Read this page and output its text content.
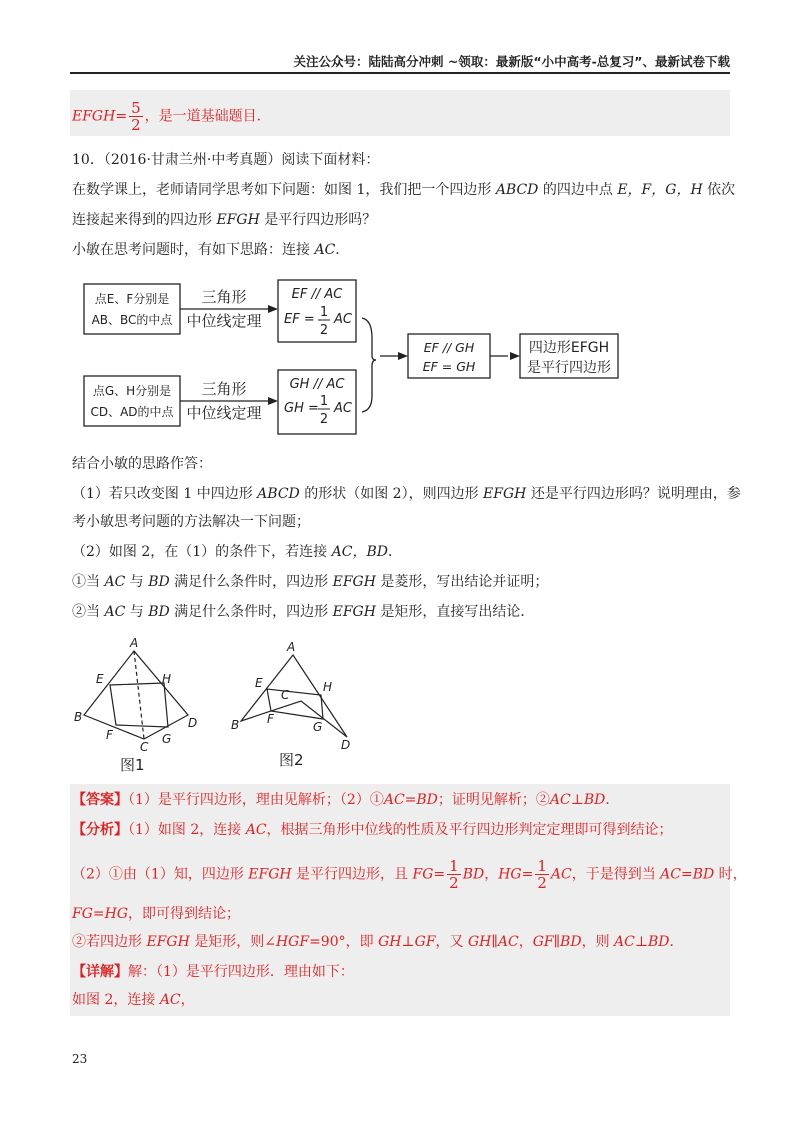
关注公众号：陆陆高分冲刺 ~领取：最新版“小中高考-总复习”、最新试卷下载
EFGH= $\frac{5}{2}$ ，是一道基础题目．
10．（2016·甘肃兰州·中考真题）阅读下面材料：
在数学课上，老师请同学思考如下问题：如图 1，我们把一个四边形 ABCD 的四边中点 E，F，G，H 依次
连接起来得到的四边形 EFGH 是平行四边形吗？
小敏在思考问题时，有如下思路：连接 AC．
点E、F分别是
AB、BC的中点
点G、H分别是
CD、AD的中点
三角形
中位线定理
三角形
中位线定理
EF // AC
EF = 1
2
AC
GH // AC
GH = 1
2
AC
EF // GH
EF = GH
四边形EFGH
是平行四边形
结合小敏的思路作答：
（1）若只改变图 1 中四边形 ABCD 的形状（如图 2），则四边形 EFGH 还是平行四边形吗？说明理由，参
考小敏思考问题的方法解决一下问题；
（2）如图 2，在（1）的条件下，若连接 AC，BD．
①当 AC 与 BD 满足什么条件时，四边形 EFGH 是菱形，写出结论并证明；
②当 AC 与 BD 满足什么条件时，四边形 EFGH 是矩形，直接写出结论．
A
E	H
B	D
F	G
C
图1
A
E
C
H
B F
G
D
图2
【答案】（1）是平行四边形，理由见解析；（2）①AC=BD；证明见解析；②AC⊥BD．
【分析】（1）如图 2，连接 AC，根据三角形中位线的性质及平行四边形判定定理即可得到结论；
（2）①由（1）知，四边形 EFGH 是平行四边形，且 $FG= \frac{1}{2}$ BD，$HG= \frac{1}{2}$ AC，于是得到当 AC=BD 时，
FG=HG，即可得到结论；
②若四边形 EFGH 是矩形，则∠HGF=90°，即 GH⊥GF，又 GH∥AC，GF∥BD，则 AC⊥BD．
【详解】解：（1）是平行四边形．理由如下：
如图 2，连接 AC，
23
